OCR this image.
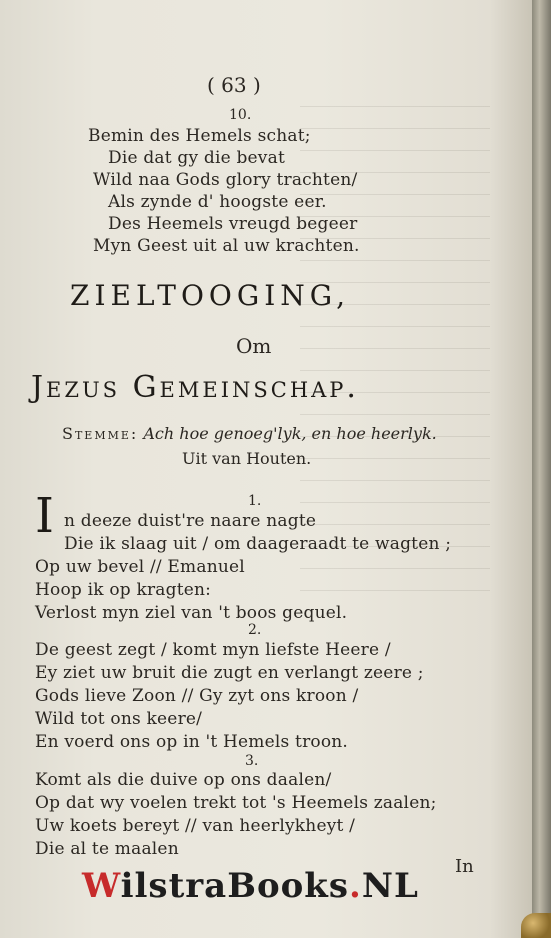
( 63 )
10.
Bemin des Hemels schat;
Die dat gy die bevat
Wild naa Gods glory trachten/
Als zynde d' hoogste eer.
Des Heemels vreugd begeer
Myn Geest uit al uw krachten.
ZIELTOOGING,
Om
Jezus Gemeinschap.
Stemme: Ach hoe genoeg'lyk, en hoe heerlyk.
Uit van Houten.
1.
I n deeze duist're naare nagte
Die ik slaag uit / om daageraadt te wagten ;
Op uw bevel // Emanuel
Hoop ik op kragten:
Verlost myn ziel van 't boos gequel.
2.
De geest zegt / komt myn liefste Heere /
Ey ziet uw bruit die zugt en verlangt zeere ;
Gods lieve Zoon // Gy zyt ons kroon /
Wild tot ons keere/
En voerd ons op in 't Hemels troon.
3.
Komt als die duive op ons daalen/
Op dat wy voelen trekt tot 's Heemels zaalen;
Uw koets bereyt // van heerlykheyt /
Die al te maalen
In
WilstraBooks.NL
